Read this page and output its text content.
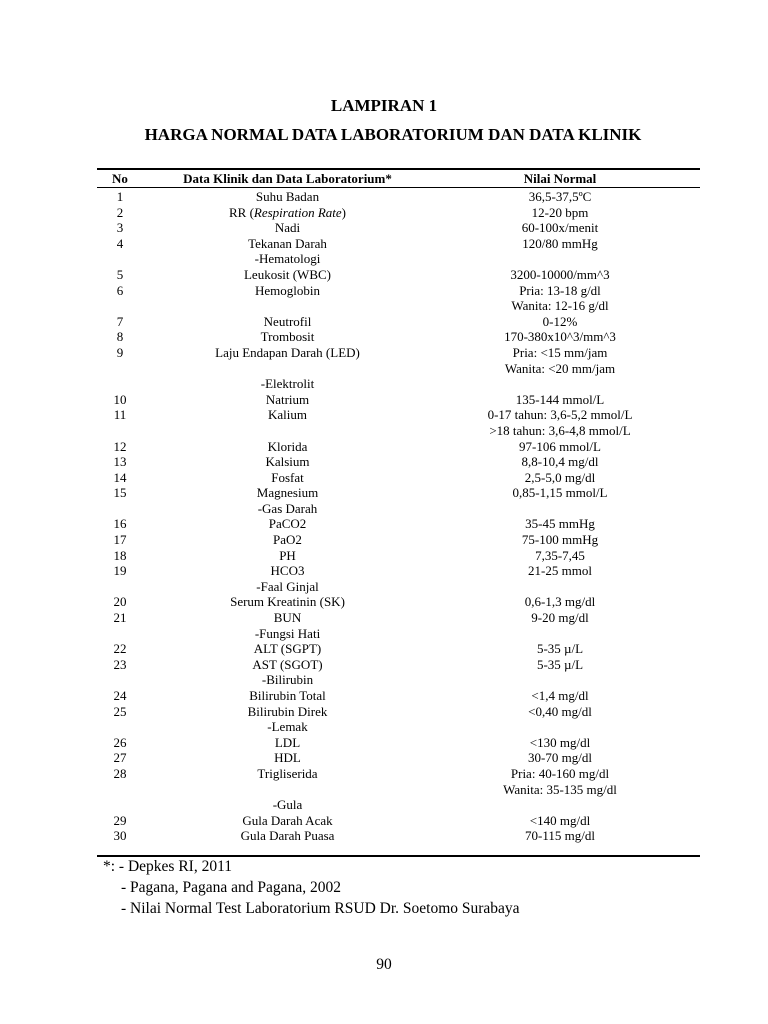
LAMPIRAN 1
HARGA NORMAL DATA LABORATORIUM DAN DATA KLINIK
No	Data Klinik dan Data Laboratorium*	Nilai Normal
1	Suhu Badan	36,5-37,5ºC
2	RR (Respiration Rate)	12-20 bpm
3	Nadi	60-100x/menit
4	Tekanan Darah	120/80 mmHg
-Hematologi
5	Leukosit (WBC)	3200-10000/mm^3
6	Hemoglobin	Pria: 13-18 g/dl
Wanita: 12-16 g/dl
7	Neutrofil	0-12%
8	Trombosit	170-380x10^3/mm^3
9	Laju Endapan Darah (LED)	Pria: <15 mm/jam
Wanita: <20 mm/jam
-Elektrolit
10	Natrium	135-144 mmol/L
11	Kalium	0-17 tahun: 3,6-5,2 mmol/L
>18 tahun: 3,6-4,8 mmol/L
12	Klorida	97-106 mmol/L
13	Kalsium	8,8-10,4 mg/dl
14	Fosfat	2,5-5,0 mg/dl
15	Magnesium	0,85-1,15 mmol/L
-Gas Darah
16	PaCO2	35-45 mmHg
17	PaO2	75-100 mmHg
18	PH	7,35-7,45
19	HCO3	21-25 mmol
-Faal Ginjal
20	Serum Kreatinin (SK)	0,6-1,3 mg/dl
21	BUN	9-20 mg/dl
-Fungsi Hati
22	ALT (SGPT)	5-35 µ/L
23	AST (SGOT)	5-35 µ/L
-Bilirubin
24	Bilirubin Total	<1,4 mg/dl
25	Bilirubin Direk	<0,40 mg/dl
-Lemak
26	LDL	<130 mg/dl
27	HDL	30-70 mg/dl
28	Trigliserida	Pria: 40-160 mg/dl
Wanita: 35-135 mg/dl
-Gula
29	Gula Darah Acak	<140 mg/dl
30	Gula Darah Puasa	70-115 mg/dl
*: - Depkes RI, 2011
- Pagana, Pagana and Pagana, 2002
- Nilai Normal Test Laboratorium RSUD Dr. Soetomo Surabaya
90
